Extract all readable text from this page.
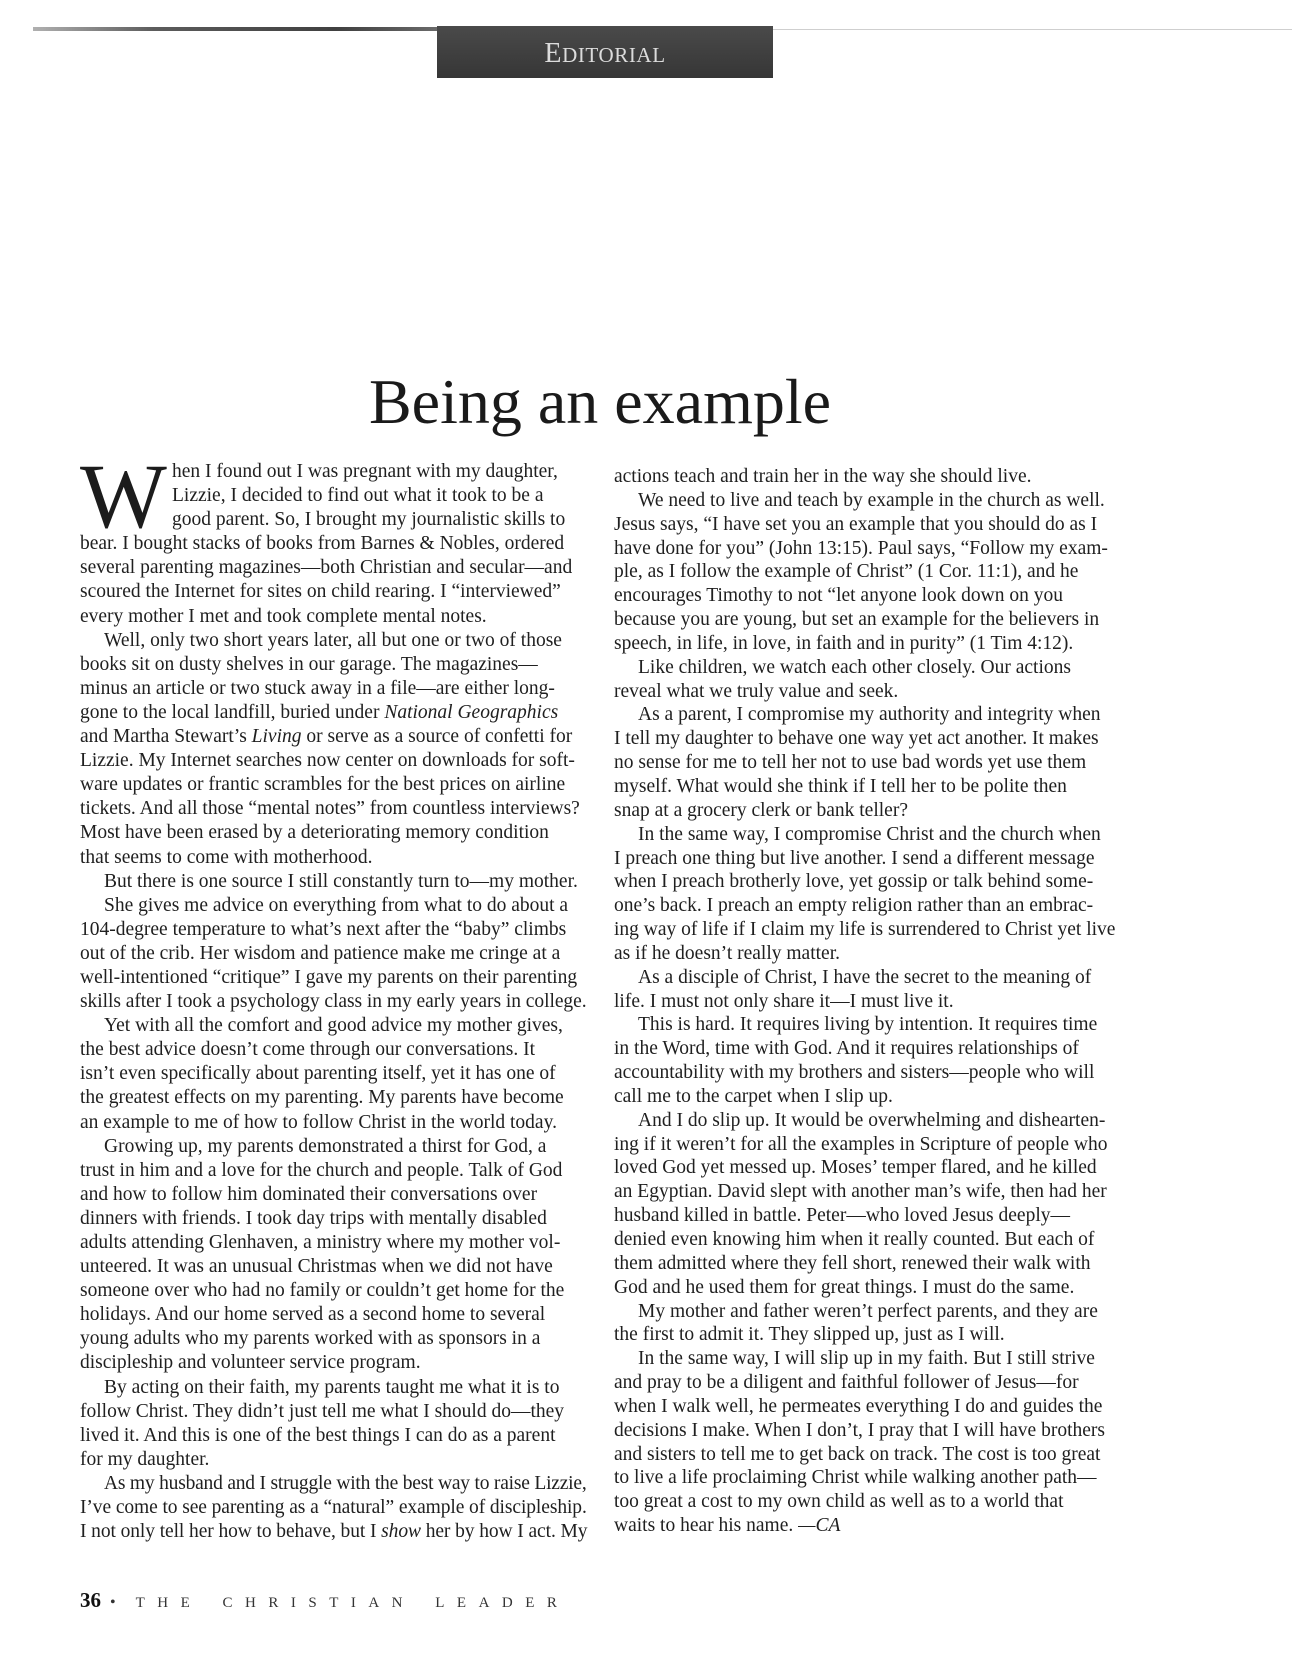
EDITORIAL
Being an example
W hen I found out I was pregnant with my daughter,
Lizzie, I decided to find out what it took to be a
good parent. So, I brought my journalistic skills to
bear. I bought stacks of books from Barnes & Nobles, ordered
several parenting magazines—both Christian and secular—and
scoured the Internet for sites on child rearing. I “interviewed”
every mother I met and took complete mental notes.
Well, only two short years later, all but one or two of those
books sit on dusty shelves in our garage. The magazines—
minus an article or two stuck away in a file—are either long-
gone to the local landfill, buried under National Geographics
and Martha Stewart’s Living or serve as a source of confetti for
Lizzie. My Internet searches now center on downloads for soft-
ware updates or frantic scrambles for the best prices on airline
tickets. And all those “mental notes” from countless interviews?
Most have been erased by a deteriorating memory condition
that seems to come with motherhood.
But there is one source I still constantly turn to—my mother.
She gives me advice on everything from what to do about a
104-degree temperature to what’s next after the “baby” climbs
out of the crib. Her wisdom and patience make me cringe at a
well-intentioned “critique” I gave my parents on their parenting
skills after I took a psychology class in my early years in college.
Yet with all the comfort and good advice my mother gives,
the best advice doesn’t come through our conversations. It
isn’t even specifically about parenting itself, yet it has one of
the greatest effects on my parenting. My parents have become
an example to me of how to follow Christ in the world today.
Growing up, my parents demonstrated a thirst for God, a
trust in him and a love for the church and people. Talk of God
and how to follow him dominated their conversations over
dinners with friends. I took day trips with mentally disabled
adults attending Glenhaven, a ministry where my mother vol-
unteered. It was an unusual Christmas when we did not have
someone over who had no family or couldn’t get home for the
holidays. And our home served as a second home to several
young adults who my parents worked with as sponsors in a
discipleship and volunteer service program.
By acting on their faith, my parents taught me what it is to
follow Christ. They didn’t just tell me what I should do—they
lived it. And this is one of the best things I can do as a parent
for my daughter.
As my husband and I struggle with the best way to raise Lizzie,
I’ve come to see parenting as a “natural” example of discipleship.
I not only tell her how to behave, but I show her by how I act. My
actions teach and train her in the way she should live.
We need to live and teach by example in the church as well.
Jesus says, “I have set you an example that you should do as I
have done for you” (John 13:15). Paul says, “Follow my exam-
ple, as I follow the example of Christ” (1 Cor. 11:1), and he
encourages Timothy to not “let anyone look down on you
because you are young, but set an example for the believers in
speech, in life, in love, in faith and in purity” (1 Tim 4:12).
Like children, we watch each other closely. Our actions
reveal what we truly value and seek.
As a parent, I compromise my authority and integrity when
I tell my daughter to behave one way yet act another. It makes
no sense for me to tell her not to use bad words yet use them
myself. What would she think if I tell her to be polite then
snap at a grocery clerk or bank teller?
In the same way, I compromise Christ and the church when
I preach one thing but live another. I send a different message
when I preach brotherly love, yet gossip or talk behind some-
one’s back. I preach an empty religion rather than an embrac-
ing way of life if I claim my life is surrendered to Christ yet live
as if he doesn’t really matter.
As a disciple of Christ, I have the secret to the meaning of
life. I must not only share it—I must live it.
This is hard. It requires living by intention. It requires time
in the Word, time with God. And it requires relationships of
accountability with my brothers and sisters—people who will
call me to the carpet when I slip up.
And I do slip up. It would be overwhelming and dishearten-
ing if it weren’t for all the examples in Scripture of people who
loved God yet messed up. Moses’ temper flared, and he killed
an Egyptian. David slept with another man’s wife, then had her
husband killed in battle. Peter—who loved Jesus deeply—
denied even knowing him when it really counted. But each of
them admitted where they fell short, renewed their walk with
God and he used them for great things. I must do the same.
My mother and father weren’t perfect parents, and they are
the first to admit it. They slipped up, just as I will.
In the same way, I will slip up in my faith. But I still strive
and pray to be a diligent and faithful follower of Jesus—for
when I walk well, he permeates everything I do and guides the
decisions I make. When I don’t, I pray that I will have brothers
and sisters to tell me to get back on track. The cost is too great
to live a life proclaiming Christ while walking another path—
too great a cost to my own child as well as to a world that
waits to hear his name. —CA
36 • THE CHRISTIAN LEADER
